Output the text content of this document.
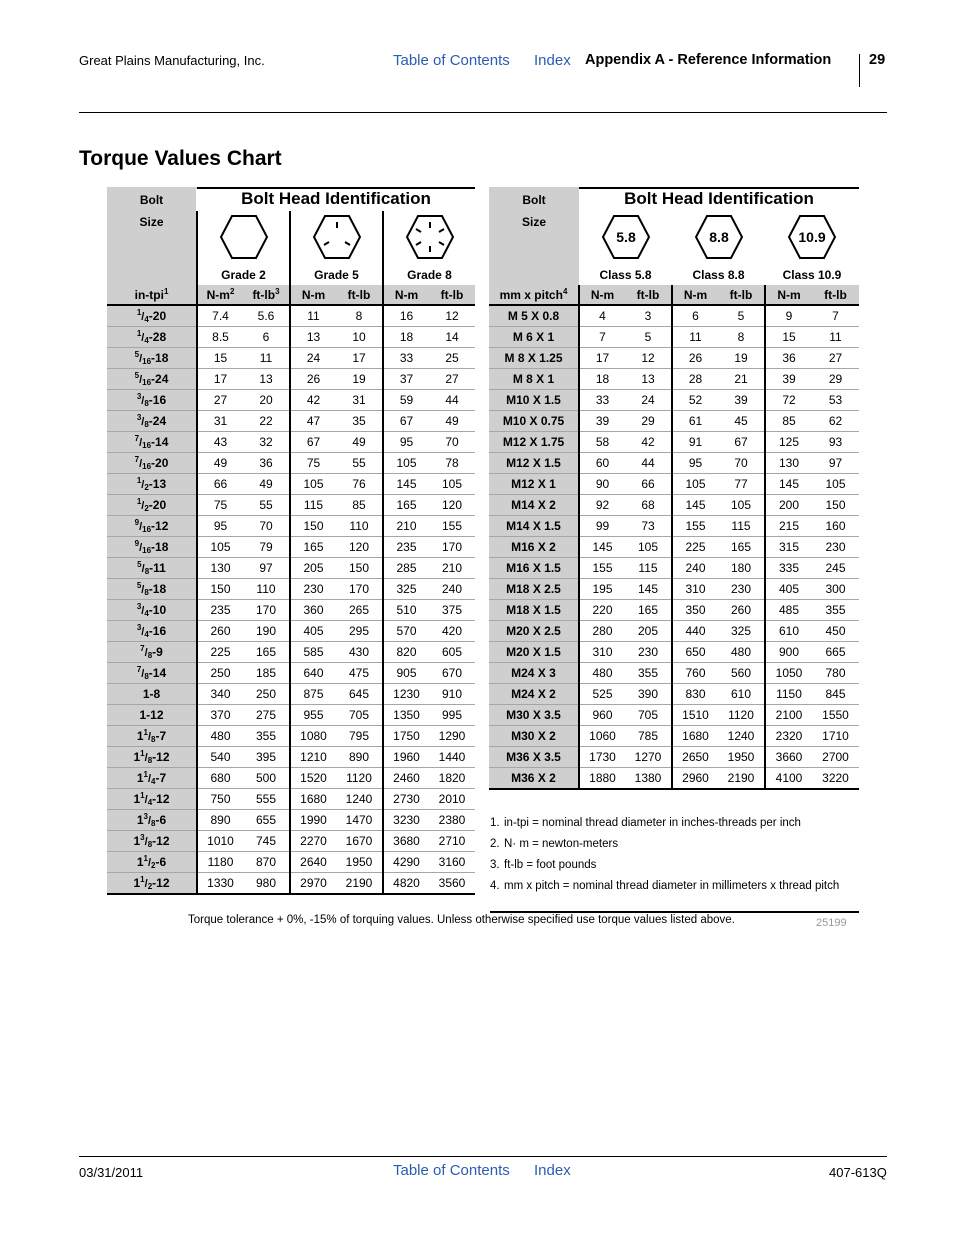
Great Plains Manufacturing, Inc.	Table of Contents Index Appendix A - Reference Information	29
Torque Values Chart

Bolt
Size	Bolt Head Identification					

	Grade 2		Grade 5		Grade 8	
in-tpi$^1$	$N-m^2$	$ft-lb^3$	N-m	ft-lb	N-m	ft-lb
$^1$/4-20	7.4	5.6	11	8	16	12
$^1$/4-28	8.5	6	13	10	18	14
$^5$/16-18	15	11	24	17	33	25
$^5$/16-24	17	13	26	19	37	27
$^3$/8-16	27	20	42	31	59	44
$^3$/8-24	31	22	47	35	67	49
$^7$/16-14	43	32	67	49	95	70
$^7$/16-20	49	36	75	55	105	78
$^1$/2-13	66	49	105	76	145	105
$^1$/2-20	75	55	115	85	165	120
$^9$/16-12	95	70	150	110	210	155
$^9$/16-18	105	79	165	120	235	170
$^5$/8-11	130	97	205	150	285	210
$^5$/8-18	150	110	230	170	325	240
$^3$/4-10	235	170	360	265	510	375
$^3$/4-16	260	190	405	295	570	420
$^7$/8-9	225	165	585	430	820	605
$^7$/8-14	250	185	640	475	905	670
1-8	340	250	875	645	1230	910
1-12	370	275	955	705	1350	995
$1^1/8-7$	480	355	1080	795	1750	1290
$1^1/8-12$	540	395	1210	890	1960	1440
$1^1/4-7$	680	500	1520	1120	2460	1820
$1^1/4-12$	750	555	1680	1240	2730	2010
$1^3/8-6$	890	655	1990	1470	3230	2380
$1^3/8-12$	1010	745	2270	1670	3680	2710
$1^1/2-6$	1180	870	2640	1950	4290	3160
$1^1/2-12$	1330	980	2970	2190	4820	3560

Bolt
Size	Bolt Head Identification					

5.8		8.8		10.9	

	Class 5.8		Class 8.8		Class 10.9	
mm x pitch$^4$	N-m	ft-lb	N-m	ft-lb	N-m	ft-lb
M 5 X 0.8	4	3	6	5	9	7
M 6 X 1	7	5	11	8	15	11
M 8 X 1.25	17	12	26	19	36	27
M 8 X 1	18	13	28	21	39	29
M10 X 1.5	33	24	52	39	72	53
M10 X 0.75	39	29	61	45	85	62
M12 X 1.75	58	42	91	67	125	93
M12 X 1.5	60	44	95	70	130	97
M12 X 1	90	66	105	77	145	105
M14 X 2	92	68	145	105	200	150
M14 X 1.5	99	73	155	115	215	160
M16 X 2	145	105	225	165	315	230
M16 X 1.5	155	115	240	180	335	245
M18 X 2.5	195	145	310	230	405	300
M18 X 1.5	220	165	350	260	485	355
M20 X 2.5	280	205	440	325	610	450
M20 X 1.5	310	230	650	480	900	665
M24 X 3	480	355	760	560	1050	780
M24 X 2	525	390	830	610	1150	845
M30 X 3.5	960	705	1510	1120	2100	1550
M30 X 2	1060	785	1680	1240	2320	1710
M36 X 3.5	1730	1270	2650	1950	3660	2700
M36 X 2	1880	1380	2960	2190	4100	3220
1. in-tpi = nominal thread diameter in inches-threads per inch
2. N· m = newton-meters
3. ft-lb = foot pounds
4. mm x pitch = nominal thread diameter in millimeters x thread pitch
Torque tolerance + 0%, -15% of torquing values. Unless otherwise specified use torque values listed above.	25199
03/31/2011	Table of Contents Index	407-613Q
